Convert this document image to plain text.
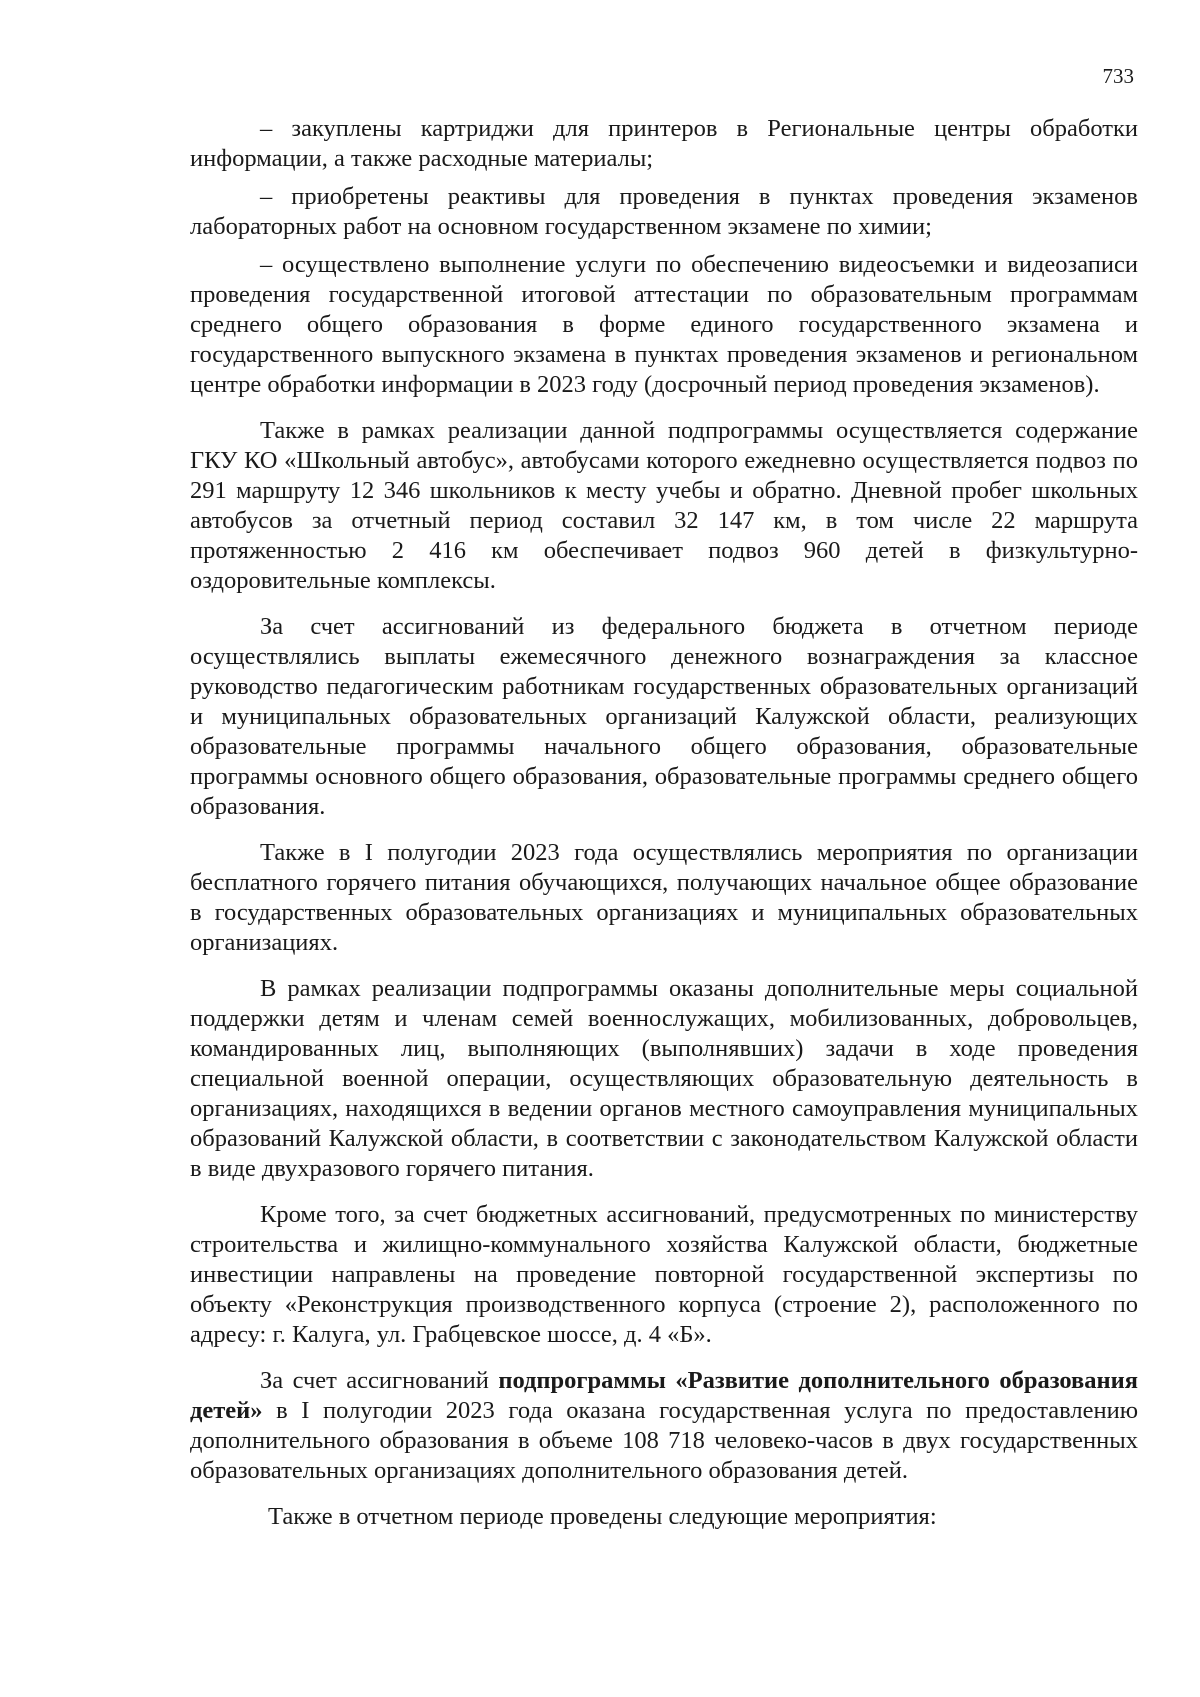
733

– закуплены картриджи для принтеров в Региональные центры обработки информации, а также расходные материалы;

– приобретены реактивы для проведения в пунктах проведения экзаменов лабораторных работ на основном государственном экзамене по химии;

– осуществлено выполнение услуги по обеспечению видеосъемки и видеозаписи проведения государственной итоговой аттестации по образовательным программам среднего общего образования в форме единого государственного экзамена и государственного выпускного экзамена в пунктах проведения экзаменов и региональном центре обработки информации в 2023 году (досрочный период проведения экзаменов).

Также в рамках реализации данной подпрограммы осуществляется содержание ГКУ КО «Школьный автобус», автобусами которого ежедневно осуществляется подвоз по 291 маршруту 12 346 школьников к месту учебы и обратно. Дневной пробег школьных автобусов за отчетный период составил 32 147 км, в том числе 22 маршрута протяженностью 2 416 км обеспечивает подвоз 960 детей в физкультурно-оздоровительные комплексы.

За счет ассигнований из федерального бюджета в отчетном периоде осуществлялись выплаты ежемесячного денежного вознаграждения за классное руководство педагогическим работникам государственных образовательных организаций и муниципальных образовательных организаций Калужской области, реализующих образовательные программы начального общего образования, образовательные программы основного общего образования, образовательные программы среднего общего образования.

Также в I полугодии 2023 года осуществлялись мероприятия по организации бесплатного горячего питания обучающихся, получающих начальное общее образование в государственных образовательных организациях и муниципальных образовательных организациях.

В рамках реализации подпрограммы оказаны дополнительные меры социальной поддержки детям и членам семей военнослужащих, мобилизованных, добровольцев, командированных лиц, выполняющих (выполнявших) задачи в ходе проведения специальной военной операции, осуществляющих образовательную деятельность в организациях, находящихся в ведении органов местного самоуправления муниципальных образований Калужской области, в соответствии с законодательством Калужской области в виде двухразового горячего питания.

Кроме того, за счет бюджетных ассигнований, предусмотренных по министерству строительства и жилищно-коммунального хозяйства Калужской области, бюджетные инвестиции направлены на проведение повторной государственной экспертизы по объекту «Реконструкция производственного корпуса (строение 2), расположенного по адресу: г. Калуга, ул. Грабцевское шоссе, д. 4 «Б».

За счет ассигнований подпрограммы «Развитие дополнительного образования детей» в I полугодии 2023 года оказана государственная услуга по предоставлению дополнительного образования в объеме 108 718 человеко-часов в двух государственных образовательных организациях дополнительного образования детей.

Также в отчетном периоде проведены следующие мероприятия:
